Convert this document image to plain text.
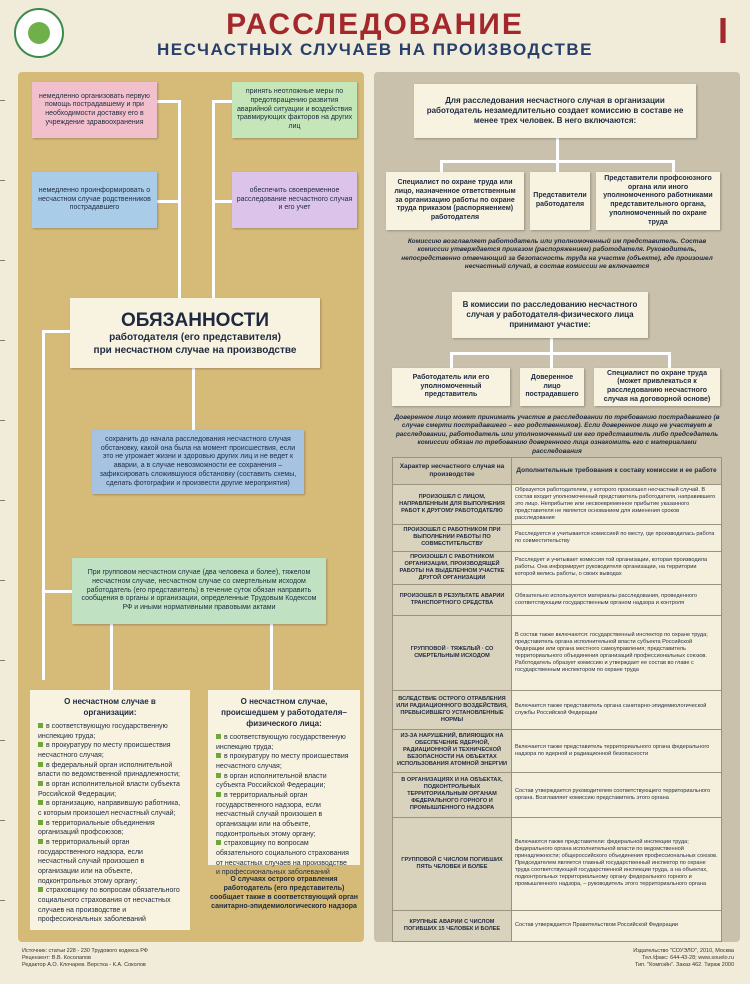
РАССЛЕДОВАНИЕ
НЕСЧАСТНЫХ СЛУЧАЕВ НА ПРОИЗВОДСТВЕ	I
немедленно организовать первую помощь пострадавшему и при необходимости доставку его в учреждение здравоохранения
принять неотложные меры по предотвращению развития аварийной ситуации и воздействия травмирующих факторов на других лиц
немедленно проинформировать о несчастном случае родственников пострадавшего
обеспечить своевременное расследование несчастного случая и его учет
ОБЯЗАННОСТИ
работодателя (его представителя)
при несчастном случае на производстве
сохранить до начала расследования несчастного случая обстановку, какой она была на момент происшествия, если это не угрожает жизни и здоровью других лиц и не ведет к аварии, а в случае невозможности ее сохранения – зафиксировать сложившуюся обстановку (составить схемы, сделать фотографии и произвести другие мероприятия)
При групповом несчастном случае (два человека и более), тяжелом несчастном случае, несчастном случае со смертельным исходом работодатель (его представитель) в течение суток обязан направить сообщения в органы и организации, определенные Трудовым Кодексом РФ и иными нормативными правовыми актами
О несчастном случае в организации:
в соответствующую государственную инспекцию труда;
в прокуратуру по месту происшествия несчастного случая;
в федеральный орган исполнительной власти по ведомственной принадлежности;
в орган исполнительной власти субъекта Российской Федерации;
в организацию, направившую работника, с которым произошел несчастный случай;
в территориальные объединения организаций профсоюзов;
в территориальный орган государственного надзора, если несчастный случай произошел в организации или на объекте, подконтрольных этому органу;
страховщику по вопросам обязательного социального страхования от несчастных случаев на производстве и профессиональных заболеваний
О несчастном случае, происшедшем у работодателя–физического лица:
в соответствующую государственную инспекцию труда;
в прокуратуру по месту происшествия несчастного случая;
в орган исполнительной власти субъекта Российской Федерации;
в территориальный орган государственного надзора, если несчастный случай произошел в организации или на объекте, подконтрольных этому органу;
страховщику по вопросам обязательного социального страхования от несчастных случаев на производстве и профессиональных заболеваний
О случаях острого отравления работодатель (его представитель) сообщает также в соответствующий орган санитарно-эпидемиологического надзора
Для расследования несчастного случая в организации работодатель незамедлительно создает комиссию в составе не менее трех человек. В него включаются:
Специалист по охране труда или лицо, назначенное ответственным за организацию работы по охране труда приказом (распоряжением) работодателя
Представители работодателя
Представители профсоюзного органа или иного уполномоченного работниками представительного органа, уполномоченный по охране труда
Комиссию возглавляет работодатель или уполномоченный им представитель. Состав комиссии утверждается приказом (распоряжением) работодателя. Руководитель, непосредственно отвечающий за безопасность труда на участке (объекте), где произошел несчастный случай, в состав комиссии не включается
В комиссии по расследованию несчастного случая у работодателя-физического лица принимают участие:
Работодатель или его уполномоченный представитель
Доверенное лицо пострадавшего
Специалист по охране труда (может привлекаться к расследованию несчастного случая на договорной основе)
Доверенное лицо может принимать участие в расследовании по требованию пострадавшего (в случае смерти пострадавшего – его родственников). Если доверенное лицо не участвует в расследовании, работодатель или уполномоченный им его представитель либо председатель комиссии обязан по требованию доверенного лица ознакомить его с материалами расследования
Характер несчастного случая на производстве	Дополнительные требования к составу комиссии и ее работе
ПРОИЗОШЕЛ С ЛИЦОМ, НАПРАВЛЕННЫМ ДЛЯ ВЫПОЛНЕНИЯ РАБОТ К ДРУГОМУ РАБОТОДАТЕЛЮ	Образуется работодателем, у которого произошел несчастный случай. В состав входит уполномоченный представитель работодателя, направившего это лицо. Неприбытие или несвоевременное прибытие указанного представителя не является основанием для изменения сроков расследования
ПРОИЗОШЕЛ С РАБОТНИКОМ ПРИ ВЫПОЛНЕНИИ РАБОТЫ ПО СОВМЕСТИТЕЛЬСТВУ	Расследуется и учитывается комиссией по месту, где производилась работа по совместительству
ПРОИЗОШЕЛ С РАБОТНИКОМ ОРГАНИЗАЦИИ, ПРОИЗВОДЯЩЕЙ РАБОТЫ НА ВЫДЕЛЕННОМ УЧАСТКЕ ДРУГОЙ ОРГАНИЗАЦИИ	Расследует и учитывает комиссия той организации, которая производила работы. Она информирует руководителя организации, на территории которой велись работы, о своих выводах
ПРОИЗОШЕЛ В РЕЗУЛЬТАТЕ АВАРИИ ТРАНСПОРТНОГО СРЕДСТВА	Обязательно используются материалы расследования, проведенного соответствующим государственным органом надзора и контроля
ГРУППОВОЙ · ТЯЖЕЛЫЙ · СО СМЕРТЕЛЬНЫМ ИСХОДОМ	В состав также включаются: государственный инспектор по охране труда; представитель органа исполнительной власти субъекта Российской Федерации или органа местного самоуправления; представитель территориального объединения организаций профессиональных союзов. Работодатель образует комиссию и утверждает ее состав во главе с государственным инспектором по охране труда
ВСЛЕДСТВИЕ ОСТРОГО ОТРАВЛЕНИЯ ИЛИ РАДИАЦИОННОГО ВОЗДЕЙСТВИЯ, ПРЕВЫСИВШЕГО УСТАНОВЛЕННЫЕ НОРМЫ	Включается также представитель органа санитарно-эпидемиологической службы Российской Федерации
ИЗ-ЗА НАРУШЕНИЙ, ВЛИЯЮЩИХ НА ОБЕСПЕЧЕНИЕ ЯДЕРНОЙ, РАДИАЦИОННОЙ И ТЕХНИЧЕСКОЙ БЕЗОПАСНОСТИ НА ОБЪЕКТАХ ИСПОЛЬЗОВАНИЯ АТОМНОЙ ЭНЕРГИИ	Включается также представитель территориального органа федерального надзора по ядерной и радиационной безопасности
В ОРГАНИЗАЦИЯХ И НА ОБЪЕКТАХ, ПОДКОНТРОЛЬНЫХ ТЕРРИТОРИАЛЬНЫМ ОРГАНАМ ФЕДЕРАЛЬНОГО ГОРНОГО И ПРОМЫШЛЕННОГО НАДЗОРА	Состав утверждается руководителем соответствующего территориального органа. Возглавляет комиссию представитель этого органа
ГРУППОВОЙ С ЧИСЛОМ ПОГИБШИХ ПЯТЬ ЧЕЛОВЕК И БОЛЕЕ	Включаются также представители: федеральной инспекции труда; федерального органа исполнительной власти по ведомственной принадлежности; общероссийского объединения профессиональных союзов. Председателем является главный государственный инспектор по охране труда соответствующей государственной инспекции труда, а на объектах, подконтрольных территориальному органу федерального горного и промышленного надзора, – руководитель этого территориального органа
КРУПНЫЕ АВАРИИ С ЧИСЛОМ ПОГИБШИХ 15 ЧЕЛОВЕК И БОЛЕЕ	Состав утверждается Правительством Российской Федерации
Источник: статьи 228 - 230 Трудового кодекса РФ
Рецензент: В.В. Косолапов
Редактор А.О. Клочарев. Верстка - К.А. Соколов
Издательство "СОУЭЛО", 2010, Москва
Тел./факс: 644-43-28; www.souelo.ru
Тип. "Компэйн". Заказ 462. Тираж 2000
